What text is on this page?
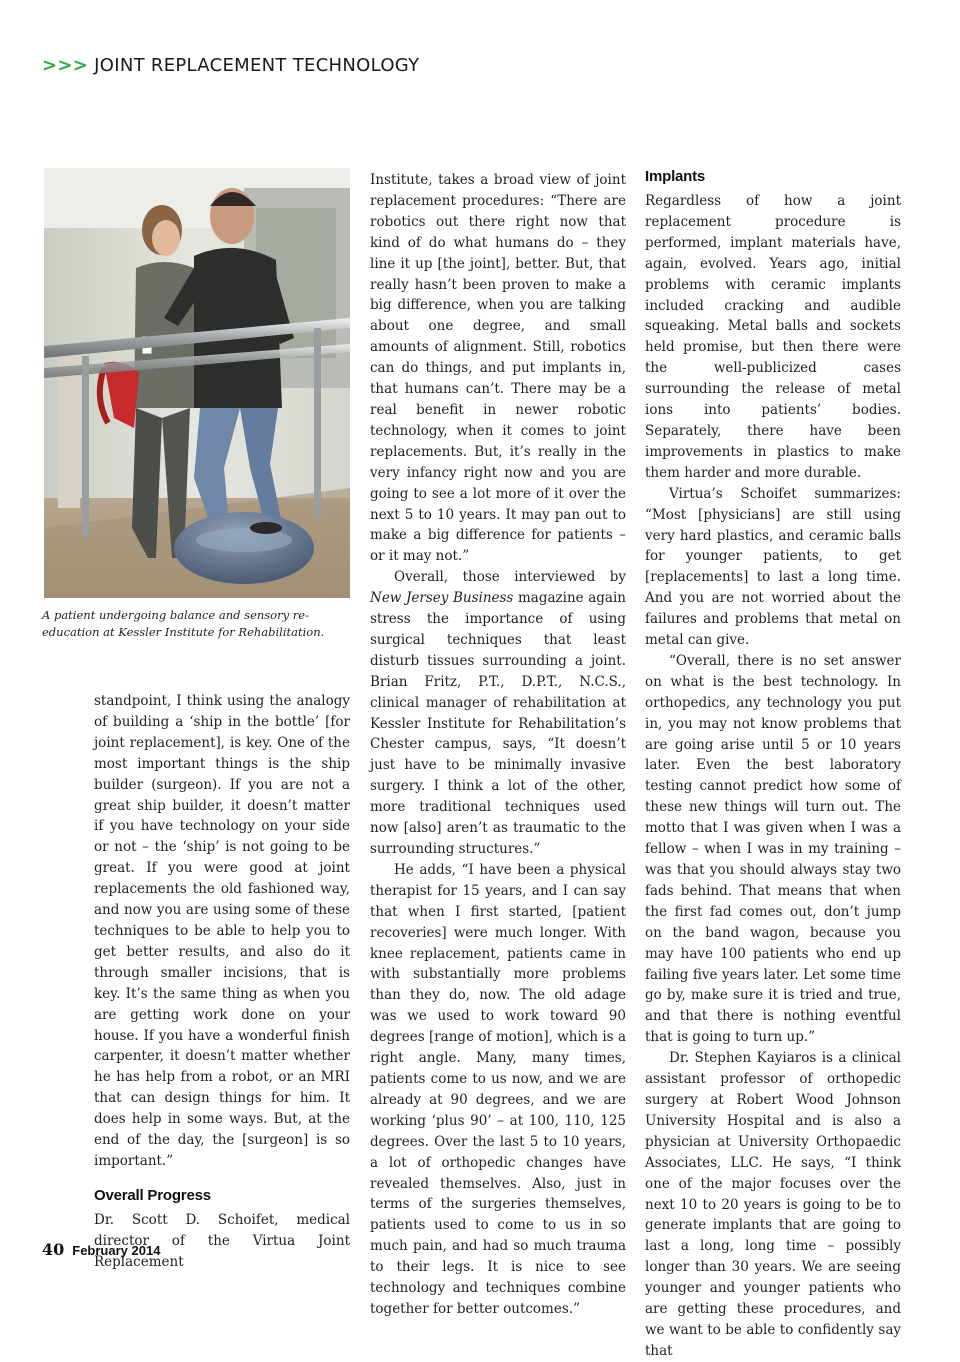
>>> JOINT REPLACEMENT TECHNOLOGY
A patient undergoing balance and sensory re-education at Kessler Institute for Rehabilitation.

standpoint, I think using the analogy of building a ‘ship in the bottle’ [for joint replacement], is key. One of the most important things is the ship builder (surgeon). If you are not a great ship builder, it doesn’t matter if you have technology on your side or not – the ‘ship’ is not going to be great. If you were good at joint replacements the old fashioned way, and now you are using some of these techniques to be able to help you to get better results, and also do it through smaller incisions, that is key. It’s the same thing as when you are getting work done on your house. If you have a wonderful finish carpenter, it doesn’t matter whether he has help from a robot, or an MRI that can design things for him. It does help in some ways. But, at the end of the day, the [surgeon] is so important.”

Overall Progress

Dr. Scott D. Schoifet, medical director of the Virtua Joint Replacement

Institute, takes a broad view of joint replacement procedures: “There are robotics out there right now that kind of do what humans do – they line it up [the joint], better. But, that really hasn’t been proven to make a big difference, when you are talking about one degree, and small amounts of alignment. Still, robotics can do things, and put implants in, that humans can’t. There may be a real benefit in newer robotic technology, when it comes to joint replacements. But, it’s really in the very infancy right now and you are going to see a lot more of it over the next 5 to 10 years. It may pan out to make a big difference for patients – or it may not.”

Overall, those interviewed by New Jersey Business magazine again stress the importance of using surgical techniques that least disturb tissues surrounding a joint. Brian Fritz, P.T., D.P.T., N.C.S., clinical manager of rehabilitation at Kessler Institute for Rehabilitation’s Chester campus, says, “It doesn’t just have to be minimally invasive surgery. I think a lot of the other, more traditional techniques used now [also] aren’t as traumatic to the surrounding structures.”

He adds, “I have been a physical therapist for 15 years, and I can say that when I first started, [patient recoveries] were much longer. With knee replacement, patients came in with substantially more problems than they do, now. The old adage was we used to work toward 90 degrees [range of motion], which is a right angle. Many, many times, patients come to us now, and we are already at 90 degrees, and we are working ‘plus 90’ – at 100, 110, 125 degrees. Over the last 5 to 10 years, a lot of orthopedic changes have revealed themselves. Also, just in terms of the surgeries themselves, patients used to come to us in so much pain, and had so much trauma to their legs. It is nice to see technology and techniques combine together for better outcomes.”

Implants

Regardless of how a joint replacement procedure is performed, implant materials have, again, evolved. Years ago, initial problems with ceramic implants included cracking and audible squeaking. Metal balls and sockets held promise, but then there were the well-publicized cases surrounding the release of metal ions into patients’ bodies. Separately, there have been improvements in plastics to make them harder and more durable.

Virtua’s Schoifet summarizes: “Most [physicians] are still using very hard plastics, and ceramic balls for younger patients, to get [replacements] to last a long time. And you are not worried about the failures and problems that metal on metal can give.

“Overall, there is no set answer on what is the best technology. In orthopedics, any technology you put in, you may not know problems that are going arise until 5 or 10 years later. Even the best laboratory testing cannot predict how some of these new things will turn out. The motto that I was given when I was a fellow – when I was in my training – was that you should always stay two fads behind. That means that when the first fad comes out, don’t jump on the band wagon, because you may have 100 patients who end up failing five years later. Let some time go by, make sure it is tried and true, and that there is nothing eventful that is going to turn up.”

Dr. Stephen Kayiaros is a clinical assistant professor of orthopedic surgery at Robert Wood Johnson University Hospital and is also a physician at University Orthopaedic Associates, LLC. He says, “I think one of the major focuses over the next 10 to 20 years is going to be to generate implants that are going to last a long, long time – possibly longer than 30 years. We are seeing younger and younger patients who are getting these procedures, and we want to be able to confidently say that

40 February 2014
